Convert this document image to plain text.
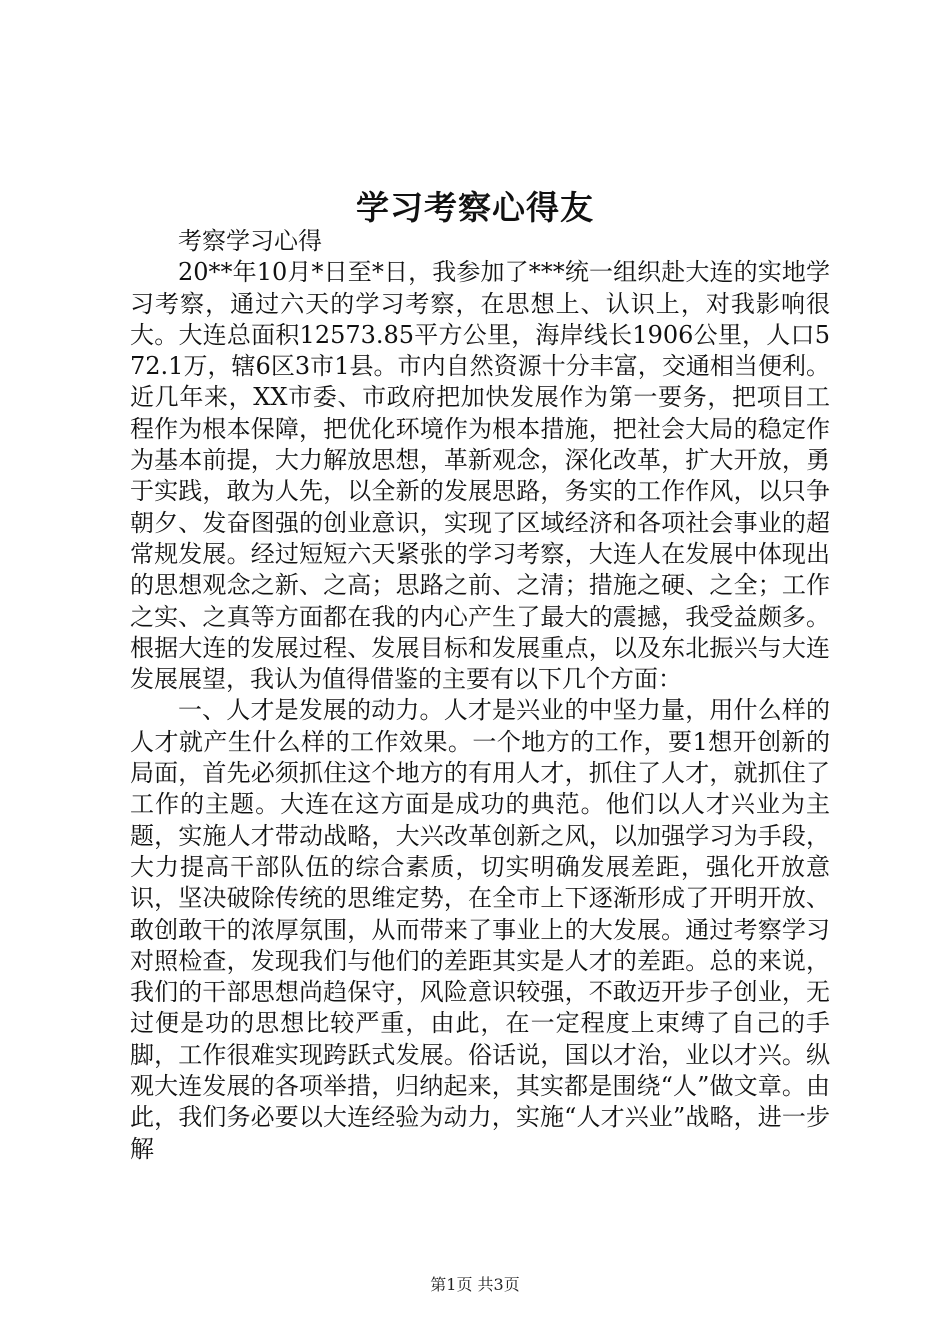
学习考察心得友

考察学习心得

20**年10月*日至*日，我参加了***统一组织赴大连的实地学习考察，通过六天的学习考察，在思想上、认识上，对我影响很大。大连总面积12573.85平方公里，海岸线长1906公里，人口572.1万，辖6区3市1县。市内自然资源十分丰富，交通相当便利。近几年来，XX市委、市政府把加快发展作为第一要务，把项目工程作为根本保障，把优化环境作为根本措施，把社会大局的稳定作为基本前提，大力解放思想，革新观念，深化改革，扩大开放，勇于实践，敢为人先，以全新的发展思路，务实的工作作风，以只争朝夕、发奋图强的创业意识，实现了区域经济和各项社会事业的超常规发展。经过短短六天紧张的学习考察，大连人在发展中体现出的思想观念之新、之高；思路之前、之清；措施之硬、之全；工作之实、之真等方面都在我的内心产生了最大的震撼，我受益颇多。根据大连的发展过程、发展目标和发展重点，以及东北振兴与大连发展展望，我认为值得借鉴的主要有以下几个方面：

一、人才是发展的动力。人才是兴业的中坚力量，用什么样的人才就产生什么样的工作效果。一个地方的工作，要1想开创新的局面，首先必须抓住这个地方的有用人才，抓住了人才，就抓住了工作的主题。大连在这方面是成功的典范。他们以人才兴业为主题，实施人才带动战略，大兴改革创新之风，以加强学习为手段，大力提高干部队伍的综合素质，切实明确发展差距，强化开放意识，坚决破除传统的思维定势，在全市上下逐渐形成了开明开放、敢创敢干的浓厚氛围，从而带来了事业上的大发展。通过考察学习对照检查，发现我们与他们的差距其实是人才的差距。总的来说，我们的干部思想尚趋保守，风险意识较强，不敢迈开步子创业，无过便是功的思想比较严重，由此，在一定程度上束缚了自己的手脚，工作很难实现跨跃式发展。俗话说，国以才治，业以才兴。纵观大连发展的各项举措，归纳起来，其实都是围绕“人”做文章。由此，我们务必要以大连经验为动力，实施“人才兴业”战略，进一步解

第1页 共3页
